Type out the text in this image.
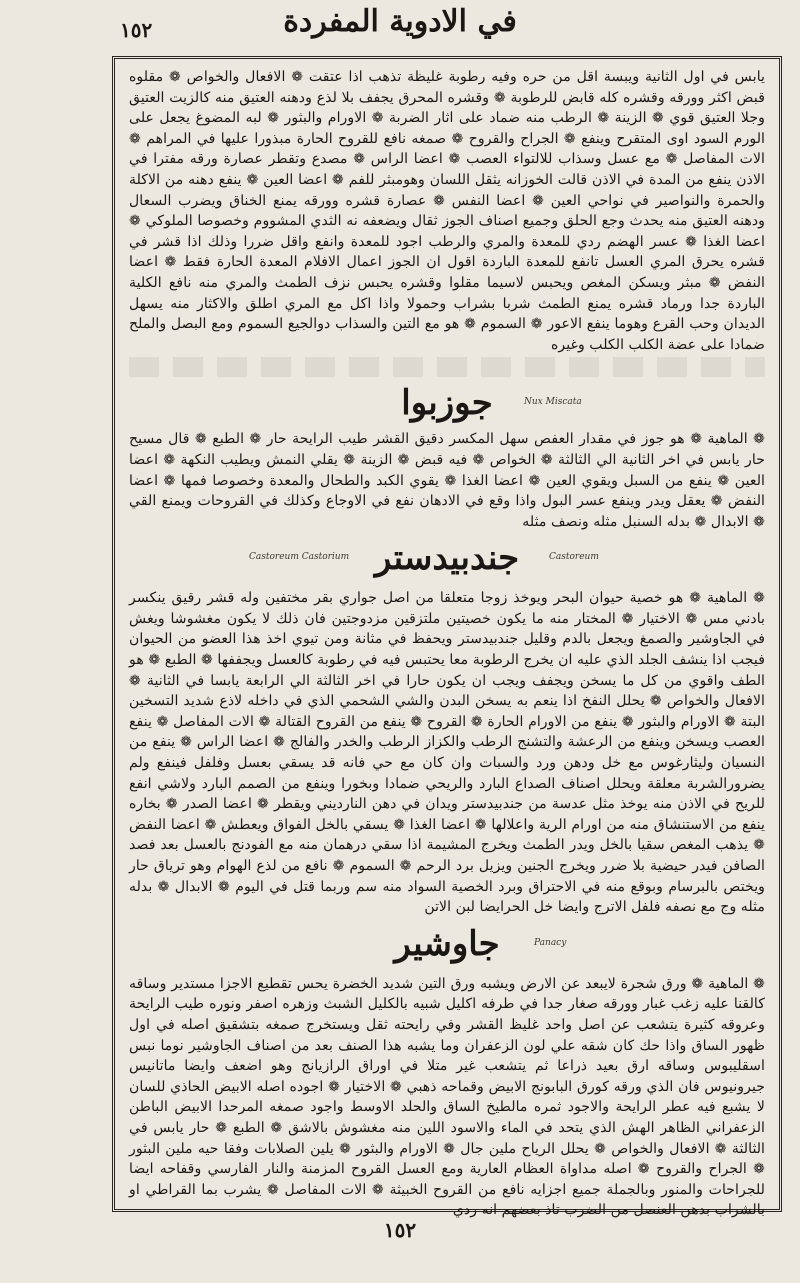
في الادوية المفردة
١٥٢

يابس في اول الثانية ويبسة اقل من حره وفيه رطوبة غليظة تذهب اذا عتقت ❁ الافعال والخواص ❁ مقلوه قبض اكثر وورقه وقشره كله قابض للرطوبة ❁ وقشره المحرق يجفف بلا لذع ودهنه العتيق منه كالزيت العتيق وجلا العتيق قوي ❁ الزينة ❁ الرطب منه ضماد على اثار الضربة ❁ الاورام والبثور ❁ لبه المضوغ يجعل على الورم السود اوى المتقرح وينفع ❁ الجراح والقروح ❁ صمغه نافع للقروح الحارة مبذورا عليها في المراهم ❁ الات المفاصل ❁ مع عسل وسذاب للالتواء العصب ❁ اعضا الراس ❁ مصدع وتقطر عصارة ورقه مفترا في الاذن ينفع من المدة في الاذن قالت الخوزانه يثقل اللسان وهومبثر للفم ❁ اعضا العين ❁ ينفع دهنه من الاكلة والحمرة والنواصير في نواحي العين ❁ اعضا النفس ❁ عصارة قشره وورقه يمنع الخناق ويضرب السعال ودهنه العتيق منه يحدث وجع الحلق وجميع اصناف الجوز ثقال ويضعفه نه الثدي المشووم وخصوصا الملوكي ❁ اعضا الغذا ❁ عسر الهضم ردي للمعدة والمري والرطب اجود للمعدة وانفع واقل ضررا وذلك اذا قشر في قشره يحرق المري العسل تانفع للمعدة الباردة اقول ان الجوز اعمال الافلام المعدة الحارة فقط ❁ اعضا النفض ❁ مبثر ويسكن المغص ويحبس لاسيما مقلوا وقشره يحبس نزف الطمث والمري منه نافع الكلية الباردة جدا ورماد قشره يمنع الطمث شربا بشراب وحمولا واذا اكل مع المري اطلق والاكثار منه يسهل الديدان وحب القرع وهوما ينفع الاعور ❁ السموم ❁ هو مع التين والسذاب دوالجيع السموم ومع البصل والملح ضمادا على عضة الكلب الكلب وغيره

جوزبوا	Nux Miscata

❁ الماهية ❁ هو جوز في مقدار العفص سهل المكسر دقيق القشر طيب الرايحة حار ❁ الطبع ❁ قال مسيح حار يابس في اخر الثانية الي الثالثة ❁ الخواص ❁ فيه قبض ❁ الزينة ❁ يقلي النمش ويطيب النكهة ❁ اعضا العين ❁ ينفع من السبل ويقوي العين ❁ اعضا الغذا ❁ يقوي الكبد والطحال والمعدة وخصوصا فمها ❁ اعضا النفض ❁ يعقل ويدر وينفع عسر البول واذا وقع في الادهان نفع في الاوجاع وكذلك في القروحات ويمنع القي ❁ الابدال ❁ بدله السنبل مثله ونصف مثله

Castoreum Castorium جندبيدستر	Castoreum

❁ الماهية ❁ هو خصية حيوان البحر ويوخذ زوجا متعلقا من اصل جواري بقر مختفين وله قشر رقيق ينكسر بادني مس ❁ الاختيار ❁ المختار منه ما يكون خصيتين ملتزقين مزدوجتين فان ذلك لا يكون مغشوشا ويغش في الجاوشير والصمغ ويجعل بالدم وقليل جندبيدستر ويحفظ في مثانة ومن تيوي اخذ هذا العضو من الحيوان فيجب اذا ينشف الجلد الذي عليه ان يخرج الرطوبة معا يحتبس فيه في رطوبة كالعسل ويجففها ❁ الطبع ❁ هو الطف واقوي من كل ما يسخن ويجفف ويجب ان يكون حارا في اخر الثالثة الي الرابعة يابسا في الثانية ❁ الافعال والخواص ❁ يحلل النفخ اذا ينعم به يسخن البدن والشي الشحمي الذي في داخله لاذع شديد التسخين البتة ❁ الاورام والبثور ❁ ينفع من الاورام الحارة ❁ القروح ❁ ينفع من القروح القتالة ❁ الات المفاصل ❁ ينفع العصب ويسخن وينفع من الرعشة والتشنج الرطب والكزاز الرطب والخدر والفالج ❁ اعضا الراس ❁ ينفع من النسيان وليثارغوس مع خل ودهن ورد والسبات وان كان مع حي فانه قد يسقي بعسل وفلفل فينفع ولم يضرورالشربة معلقة ويحلل اصناف الصداع البارد والريحي ضمادا وبخورا وينفع من الصمم البارد ولاشي انفع للريح في الاذن منه يوخذ مثل عدسة من جندبيدستر ويدان في دهن النارديني ويقطر ❁ اعضا الصدر ❁ بخاره ينفع من الاستنشاق منه من اورام الرية واعلالها ❁ اعضا الغذا ❁ يسقي بالخل الفواق ويعطش ❁ اعضا النفض ❁ يذهب المغص سقيا بالخل ويدر الطمث ويخرج المشيمة اذا سقي درهمان منه مع الفودنج بالعسل بعد فصد الصافن فيدر حيضية بلا ضرر ويخرج الجنين ويزيل برد الرحم ❁ السموم ❁ نافع من لذع الهوام وهو ترياق حار ويختص بالبرسام وبوقع منه في الاحتراق وبرد الخصية السواد منه سم وربما قتل في اليوم ❁ الابدال ❁ بدله مثله وج مع نصفه فلفل الاترج وايضا خل الحرايضا لبن الاتن

جاوشير	Panacy

❁ الماهية ❁ ورق شجرة لايبعد عن الارض ويشبه ورق التين شديد الخضرة يحس تقطيع الاجزا مستدير وساقه كالقنا عليه زغب غبار وورقه صغار جدا في طرفه اكليل شبيه بالكليل الشبث وزهره اصفر ونوره طيب الرايحة وعروقه كثيرة يتشعب عن اصل واحد غليظ القشر وفي رايحته ثقل ويستخرج صمغه بتشقيق اصله في اول ظهور الساق واذا حك كان شقه علي لون الزعفران وما يشبه هذا الصنف بعد من اصناف الجاوشير نوما نبس اسقليبوس وساقه ارق بعيد ذراعا ثم يتشعب غير متلا في اوراق الرازيانج وهو اضعف وايضا ماتانيس جيرونيوس فان الذي ورقه كورق البابونج الابيض وقماحه ذهبي ❁ الاختيار ❁ اجوده اصله الابيض الحاذي للسان لا يشبع فيه عطر الرايحة والاجود ثمره مالطيخ الساق والحلد الاوسط واجود صمغه المرحدا الابيض الباطن الزعفراني الظاهر الهش الذي يتحد في الماء والاسود اللين منه مغشوش بالاشق ❁ الطبع ❁ حار يابس في الثالثة ❁ الافعال والخواص ❁ يحلل الرياح ملين جال ❁ الاورام والبثور ❁ يلين الصلابات وفقا حيه ملين البثور ❁ الجراح والقروح ❁ اصله مداواة العظام العارية ومع العسل القروح المزمنة والنار الفارسي وقفاحه ايضا للجراحات والمنور وبالجملة جميع اجزايه نافع من القروح الخبيثة ❁ الات المفاصل ❁ يشرب بما القراطي او بالشراب بدهن العنصل من الضرب تاذ بعضهم انه ردي

١٥٢
